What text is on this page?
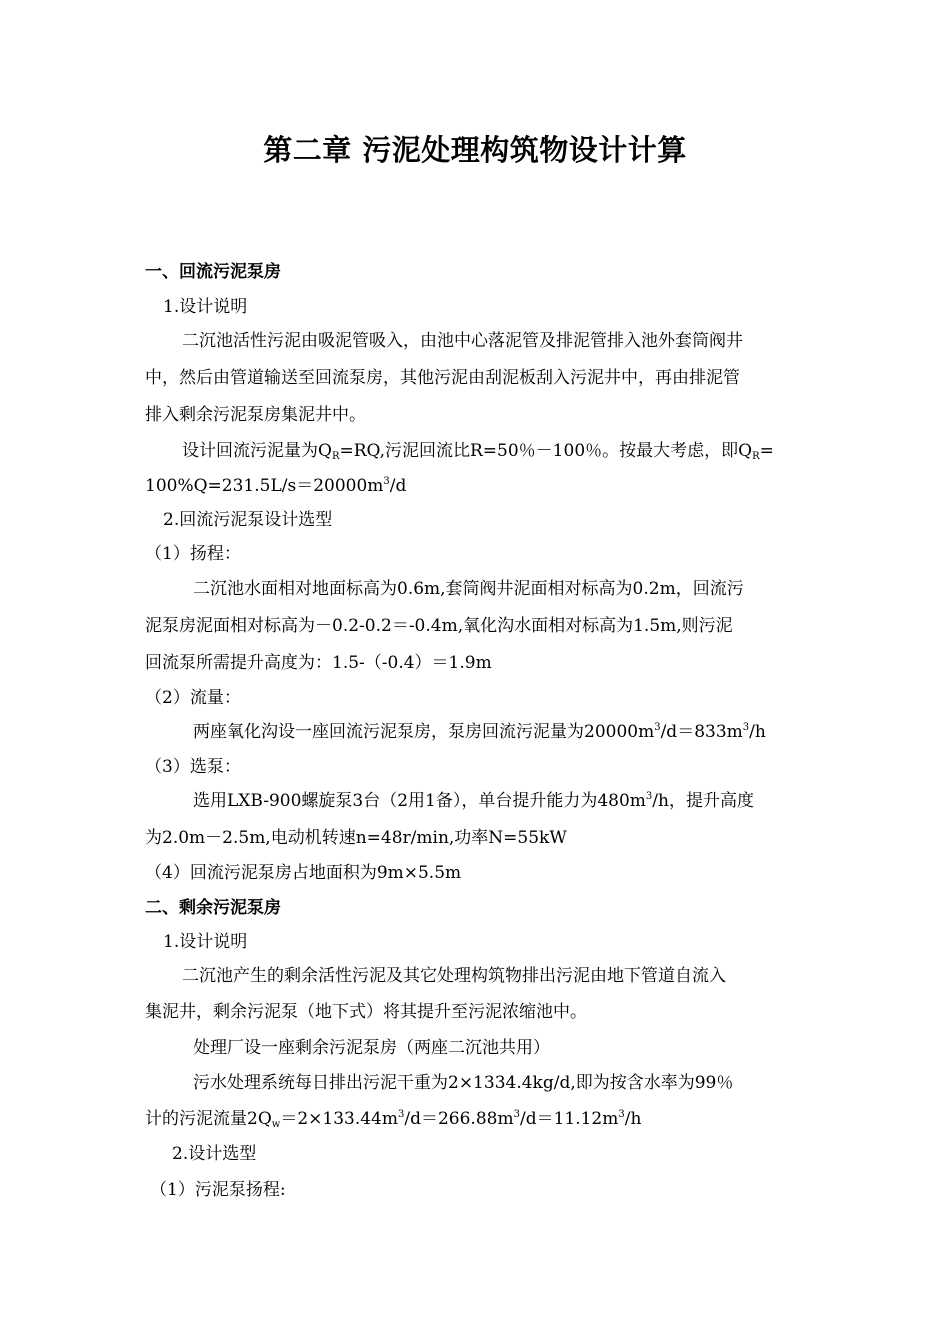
第二章 污泥处理构筑物设计计算
一、回流污泥泵房
1.设计说明
二沉池活性污泥由吸泥管吸入，由池中心落泥管及排泥管排入池外套筒阀井
中，然后由管道输送至回流泵房，其他污泥由刮泥板刮入污泥井中，再由排泥管
排入剩余污泥泵房集泥井中。
设计回流污泥量为$Q_R=RQ$,污泥回流比R=50％－100％。按最大考虑，即$Q_R=$
$100\%Q=231.5L/s=20000m^3/d$
2.回流污泥泵设计选型
（1）扬程：
二沉池水面相对地面标高为0.6m,套筒阀井泥面相对标高为0.2m，回流污
泥泵房泥面相对标高为－0.2-0.2＝-0.4m,氧化沟水面相对标高为1.5m,则污泥
回流泵所需提升高度为：1.5-（-0.4）＝1.9m
（2）流量：
两座氧化沟设一座回流污泥泵房，泵房回流污泥量为$20000m^3/d=833m^3/h$
（3）选泵：
选用LXB-900螺旋泵3台（2用1备），单台提升能力为$480m^3/h$，提升高度
为2.0m－2.5m,电动机转速n=48r/min,功率N=55kW
（4）回流污泥泵房占地面积为9m×5.5m
二、剩余污泥泵房
1.设计说明
二沉池产生的剩余活性污泥及其它处理构筑物排出污泥由地下管道自流入
集泥井，剩余污泥泵（地下式）将其提升至污泥浓缩池中。
处理厂设一座剩余污泥泵房（两座二沉池共用）
污水处理系统每日排出污泥干重为2×1334.4kg/d,即为按含水率为99％
计的污泥流量$2Q_w=2\times 133.44m^3/d=266.88m^3/d=11.12m^3/h$
2.设计选型
（1）污泥泵扬程:
